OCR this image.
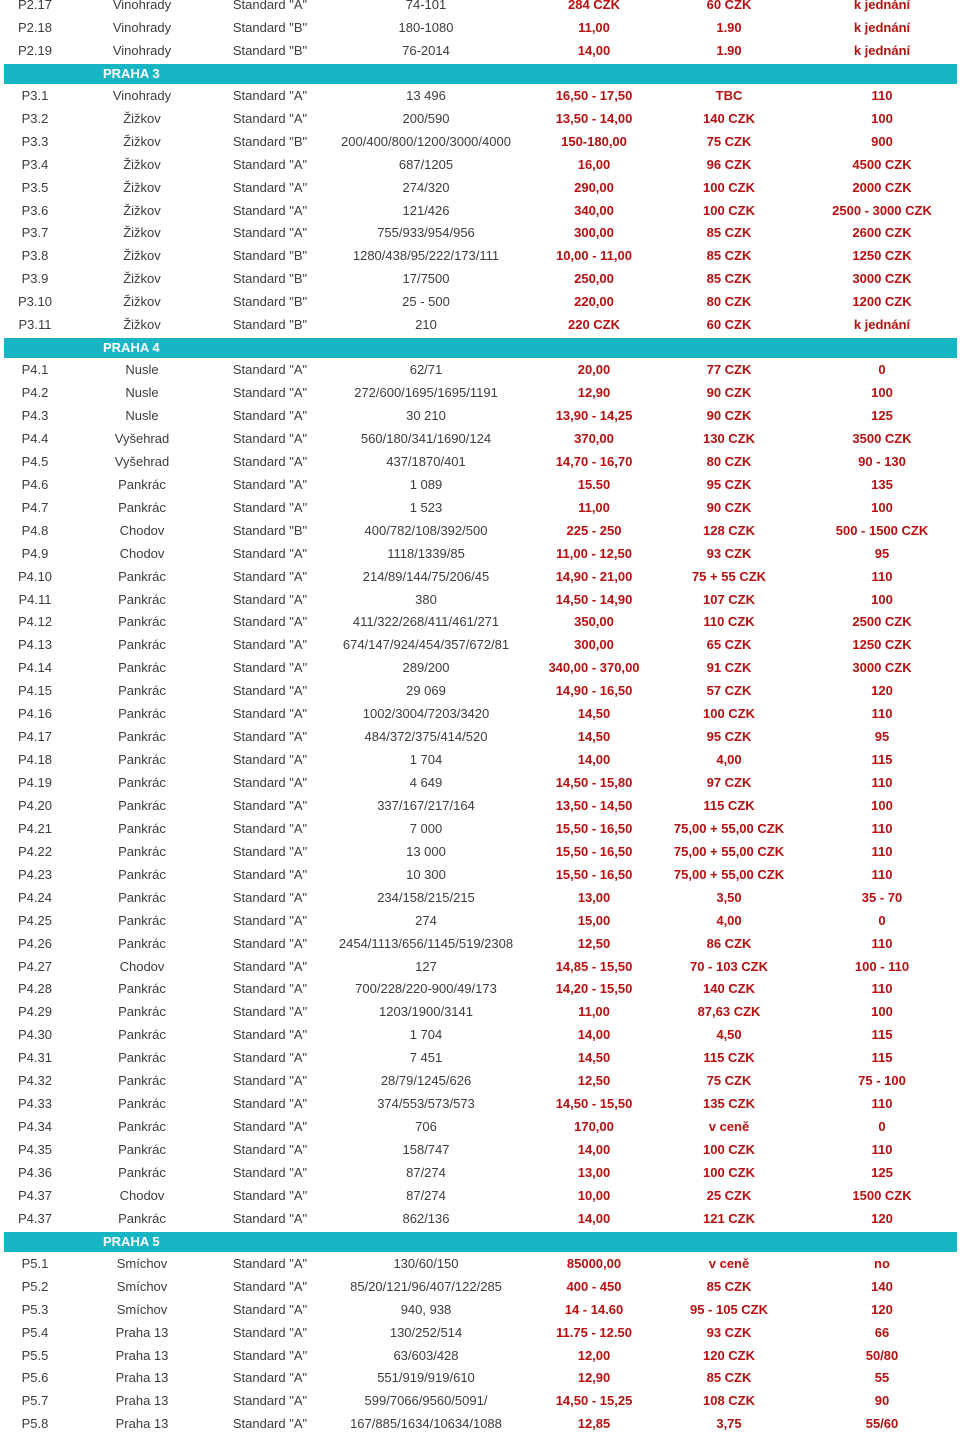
P2.17	Vinohrady	Standard "A"	74-101	284 CZK	60 CZK	k jednání
P2.18	Vinohrady	Standard "B"	180-1080	11,00	1.90	k jednání
P2.19	Vinohrady	Standard "B"	76-2014	14,00	1.90	k jednání
PRAHA 3
P3.1	Vinohrady	Standard "A"	13 496	16,50 - 17,50	TBC	110
P3.2	Žižkov	Standard "A"	200/590	13,50 - 14,00	140 CZK	100
P3.3	Žižkov	Standard "B"	200/400/800/1200/3000/4000	150-180,00	75 CZK	900
P3.4	Žižkov	Standard "A"	687/1205	16,00	96 CZK	4500 CZK
P3.5	Žižkov	Standard "A"	274/320	290,00	100 CZK	2000 CZK
P3.6	Žižkov	Standard "A"	121/426	340,00	100 CZK	2500 - 3000 CZK
P3.7	Žižkov	Standard "A"	755/933/954/956	300,00	85 CZK	2600 CZK
P3.8	Žižkov	Standard "B"	1280/438/95/222/173/111	10,00 - 11,00	85 CZK	1250 CZK
P3.9	Žižkov	Standard "B"	17/7500	250,00	85 CZK	3000 CZK
P3.10	Žižkov	Standard "B"	25 - 500	220,00	80 CZK	1200 CZK
P3.11	Žižkov	Standard "B"	210	220 CZK	60 CZK	k jednání
PRAHA 4
P4.1	Nusle	Standard "A"	62/71	20,00	77 CZK	0
P4.2	Nusle	Standard "A"	272/600/1695/1695/1191	12,90	90 CZK	100
P4.3	Nusle	Standard "A"	30 210	13,90 - 14,25	90 CZK	125
P4.4	Vyšehrad	Standard "A"	560/180/341/1690/124	370,00	130 CZK	3500 CZK
P4.5	Vyšehrad	Standard "A"	437/1870/401	14,70 - 16,70	80 CZK	90 - 130
P4.6	Pankrác	Standard "A"	1 089	15.50	95 CZK	135
P4.7	Pankrác	Standard "A"	1 523	11,00	90 CZK	100
P4.8	Chodov	Standard "B"	400/782/108/392/500	225 - 250	128 CZK	500 - 1500 CZK
P4.9	Chodov	Standard "A"	1118/1339/85	11,00 - 12,50	93 CZK	95
P4.10	Pankrác	Standard "A"	214/89/144/75/206/45	14,90 - 21,00	75 + 55 CZK	110
P4.11	Pankrác	Standard "A"	380	14,50 - 14,90	107 CZK	100
P4.12	Pankrác	Standard "A"	411/322/268/411/461/271	350,00	110 CZK	2500 CZK
P4.13	Pankrác	Standard "A"	674/147/924/454/357/672/81	300,00	65 CZK	1250 CZK
P4.14	Pankrác	Standard "A"	289/200	340,00 - 370,00	91 CZK	3000 CZK
P4.15	Pankrác	Standard "A"	29 069	14,90 - 16,50	57 CZK	120
P4.16	Pankrác	Standard "A"	1002/3004/7203/3420	14,50	100 CZK	110
P4.17	Pankrác	Standard "A"	484/372/375/414/520	14,50	95 CZK	95
P4.18	Pankrác	Standard "A"	1 704	14,00	4,00	115
P4.19	Pankrác	Standard "A"	4 649	14,50 - 15,80	97 CZK	110
P4.20	Pankrác	Standard "A"	337/167/217/164	13,50 - 14,50	115 CZK	100
P4.21	Pankrác	Standard "A"	7 000	15,50 - 16,50	75,00 + 55,00 CZK	110
P4.22	Pankrác	Standard "A"	13 000	15,50 - 16,50	75,00 + 55,00 CZK	110
P4.23	Pankrác	Standard "A"	10 300	15,50 - 16,50	75,00 + 55,00 CZK	110
P4.24	Pankrác	Standard "A"	234/158/215/215	13,00	3,50	35 - 70
P4.25	Pankrác	Standard "A"	274	15,00	4,00	0
P4.26	Pankrác	Standard "A"	2454/1113/656/1145/519/2308	12,50	86 CZK	110
P4.27	Chodov	Standard "A"	127	14,85 - 15,50	70 - 103 CZK	100 - 110
P4.28	Pankrác	Standard "A"	700/228/220-900/49/173	14,20 - 15,50	140 CZK	110
P4.29	Pankrác	Standard "A"	1203/1900/3141	11,00	87,63 CZK	100
P4.30	Pankrác	Standard "A"	1 704	14,00	4,50	115
P4.31	Pankrác	Standard "A"	7 451	14,50	115 CZK	115
P4.32	Pankrác	Standard "A"	28/79/1245/626	12,50	75 CZK	75 - 100
P4.33	Pankrác	Standard "A"	374/553/573/573	14,50 - 15,50	135 CZK	110
P4.34	Pankrác	Standard "A"	706	170,00	v ceně	0
P4.35	Pankrác	Standard "A"	158/747	14,00	100 CZK	110
P4.36	Pankrác	Standard "A"	87/274	13,00	100 CZK	125
P4.37	Chodov	Standard "A"	87/274	10,00	25 CZK	1500 CZK
P4.37	Pankrác	Standard "A"	862/136	14,00	121 CZK	120
PRAHA 5
P5.1	Smíchov	Standard "A"	130/60/150	85000,00	v ceně	no
P5.2	Smíchov	Standard "A"	85/20/121/96/407/122/285	400 - 450	85 CZK	140
P5.3	Smíchov	Standard "A"	940, 938	14 - 14.60	95 - 105 CZK	120
P5.4	Praha 13	Standard "A"	130/252/514	11.75 - 12.50	93 CZK	66
P5.5	Praha 13	Standard "A"	63/603/428	12,00	120 CZK	50/80
P5.6	Praha 13	Standard "A"	551/919/919/610	12,90	85 CZK	55
P5.7	Praha 13	Standard "A"	599/7066/9560/5091/	14,50 - 15,25	108 CZK	90
P5.8	Praha 13	Standard "A"	167/885/1634/10634/1088	12,85	3,75	55/60
